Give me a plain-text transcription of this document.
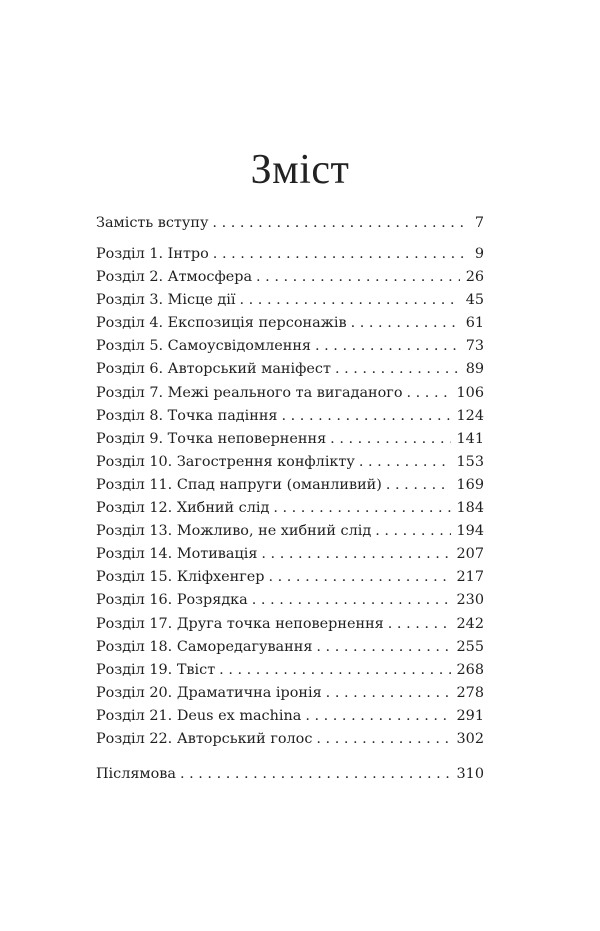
Зміст
Замість вступу . . .	7
Розділ 1. Інтро . . .	9
Розділ 2. Атмосфера . . .	26
Розділ 3. Місце дії . . .	45
Розділ 4. Експозиція персонажів . . .	61
Розділ 5. Самоусвідомлення . . .	73
Розділ 6. Авторський маніфест . . .	89
Розділ 7. Межі реального та вигаданого . . .	106
Розділ 8. Точка падіння . . .	124
Розділ 9. Точка неповернення . . .	141
Розділ 10. Загострення конфлікту . . .	153
Розділ 11. Спад напруги (оманливий) . . .	169
Розділ 12. Хибний слід . . .	184
Розділ 13. Можливо, не хибний слід . . .	194
Розділ 14. Мотивація . . .	207
Розділ 15. Кліфхенгер . . .	217
Розділ 16. Розрядка . . .	230
Розділ 17. Друга точка неповернення . . .	242
Розділ 18. Саморедагування . . .	255
Розділ 19. Твіст . . .	268
Розділ 20. Драматична іронія . . .	278
Розділ 21. Deus ex machina . . .	291
Розділ 22. Авторський голос . . .	302
Післямова . . .	310
